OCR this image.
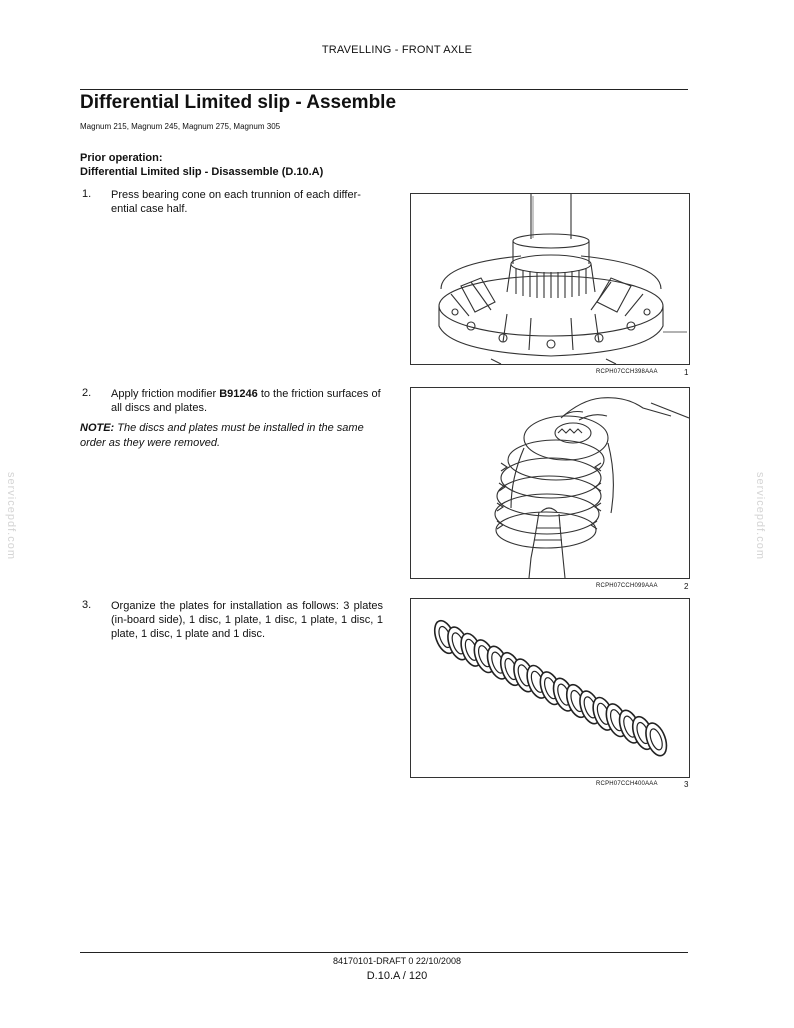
TRAVELLING - FRONT AXLE
Differential Limited slip - Assemble
Magnum 215, Magnum 245, Magnum 275, Magnum 305
Prior operation:
Differential Limited slip - Disassemble (D.10.A)
1. Press bearing cone on each trunnion of each differ-ential case half.
2. Apply friction modifier B91246 to the friction surfaces of all discs and plates.
NOTE: The discs and plates must be installed in the same order as they were removed.
3. Organize the plates for installation as follows: 3 plates (in-board side), 1 disc, 1 plate, 1 disc, 1 plate, 1 disc, 1 plate, 1 disc, 1 plate and 1 disc.
RCPH07CCH398AAA	1
RCPH07CCH099AAA	2
RCPH07CCH400AAA	3
servicepdf.com	servicepdf.com
84170101-DRAFT 0 22/10/2008
D.10.A / 120
